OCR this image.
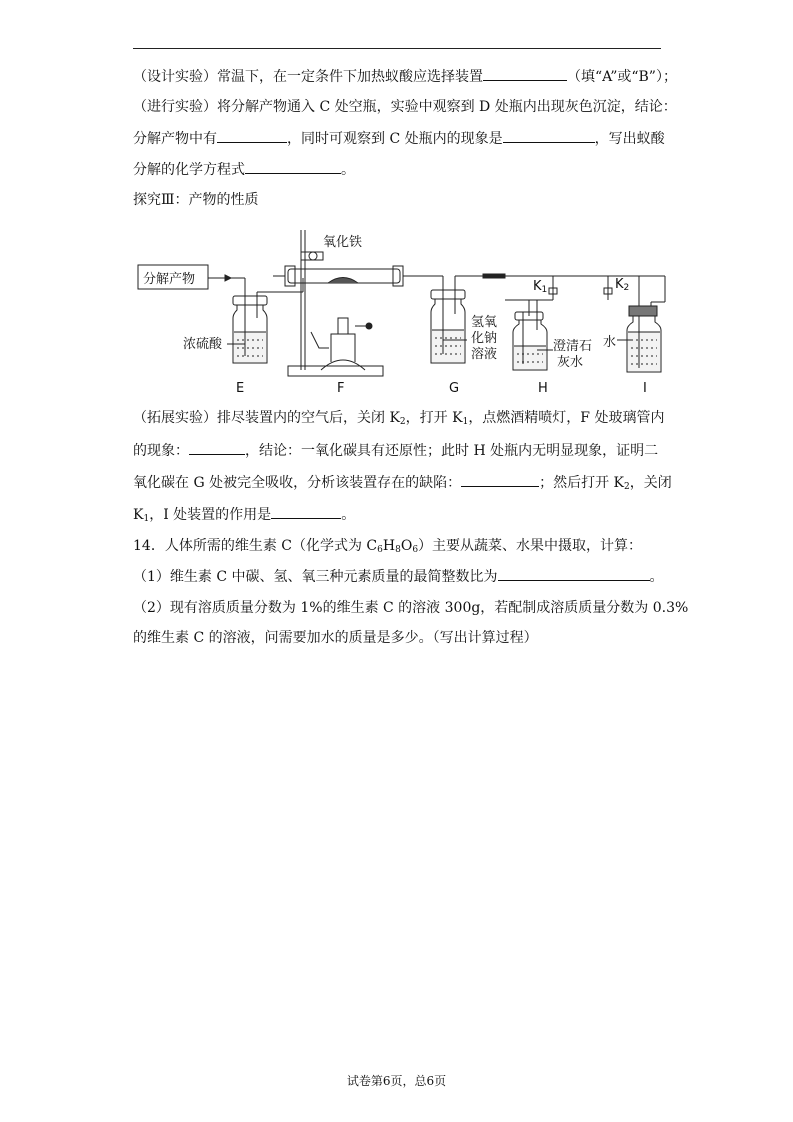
（设计实验）常温下，在一定条件下加热蚁酸应选择装置	（填“A”或“B”）；
（进行实验）将分解产物通入 C 处空瓶，实验中观察到 D 处瓶内出现灰色沉淀，结论：
分解产物中有	，同时可观察到 C 处瓶内的现象是	，写出蚁酸
分解的化学方程式	。
探究Ⅲ：产物的性质
分解产物
氧化铁
浓硫酸
氢氧
化钠
溶液
澄清石
灰水
水
K1	K2
E	F	G	H	I
（拓展实验）排尽装置内的空气后，关闭 $K_2$，打开 $K_1$，点燃酒精喷灯，F 处玻璃管内
的现象：	，结论：一氧化碳具有还原性；此时 H 处瓶内无明显现象，证明二
氧化碳在 G 处被完全吸收，分析该装置存在的缺陷：	；然后打开 $K_2$，关闭
$K_1$，I 处装置的作用是	。
14．人体所需的维生素 C（化学式为 $C_6H_8O_6$）主要从蔬菜、水果中摄取，计算：
（1）维生素 C 中碳、氢、氧三种元素质量的最简整数比为	。
（2）现有溶质质量分数为 1%的维生素 C 的溶液 300g，若配制成溶质质量分数为 0.3%
的维生素 C 的溶液，问需要加水的质量是多少。（写出计算过程）
试卷第6页，总6页
